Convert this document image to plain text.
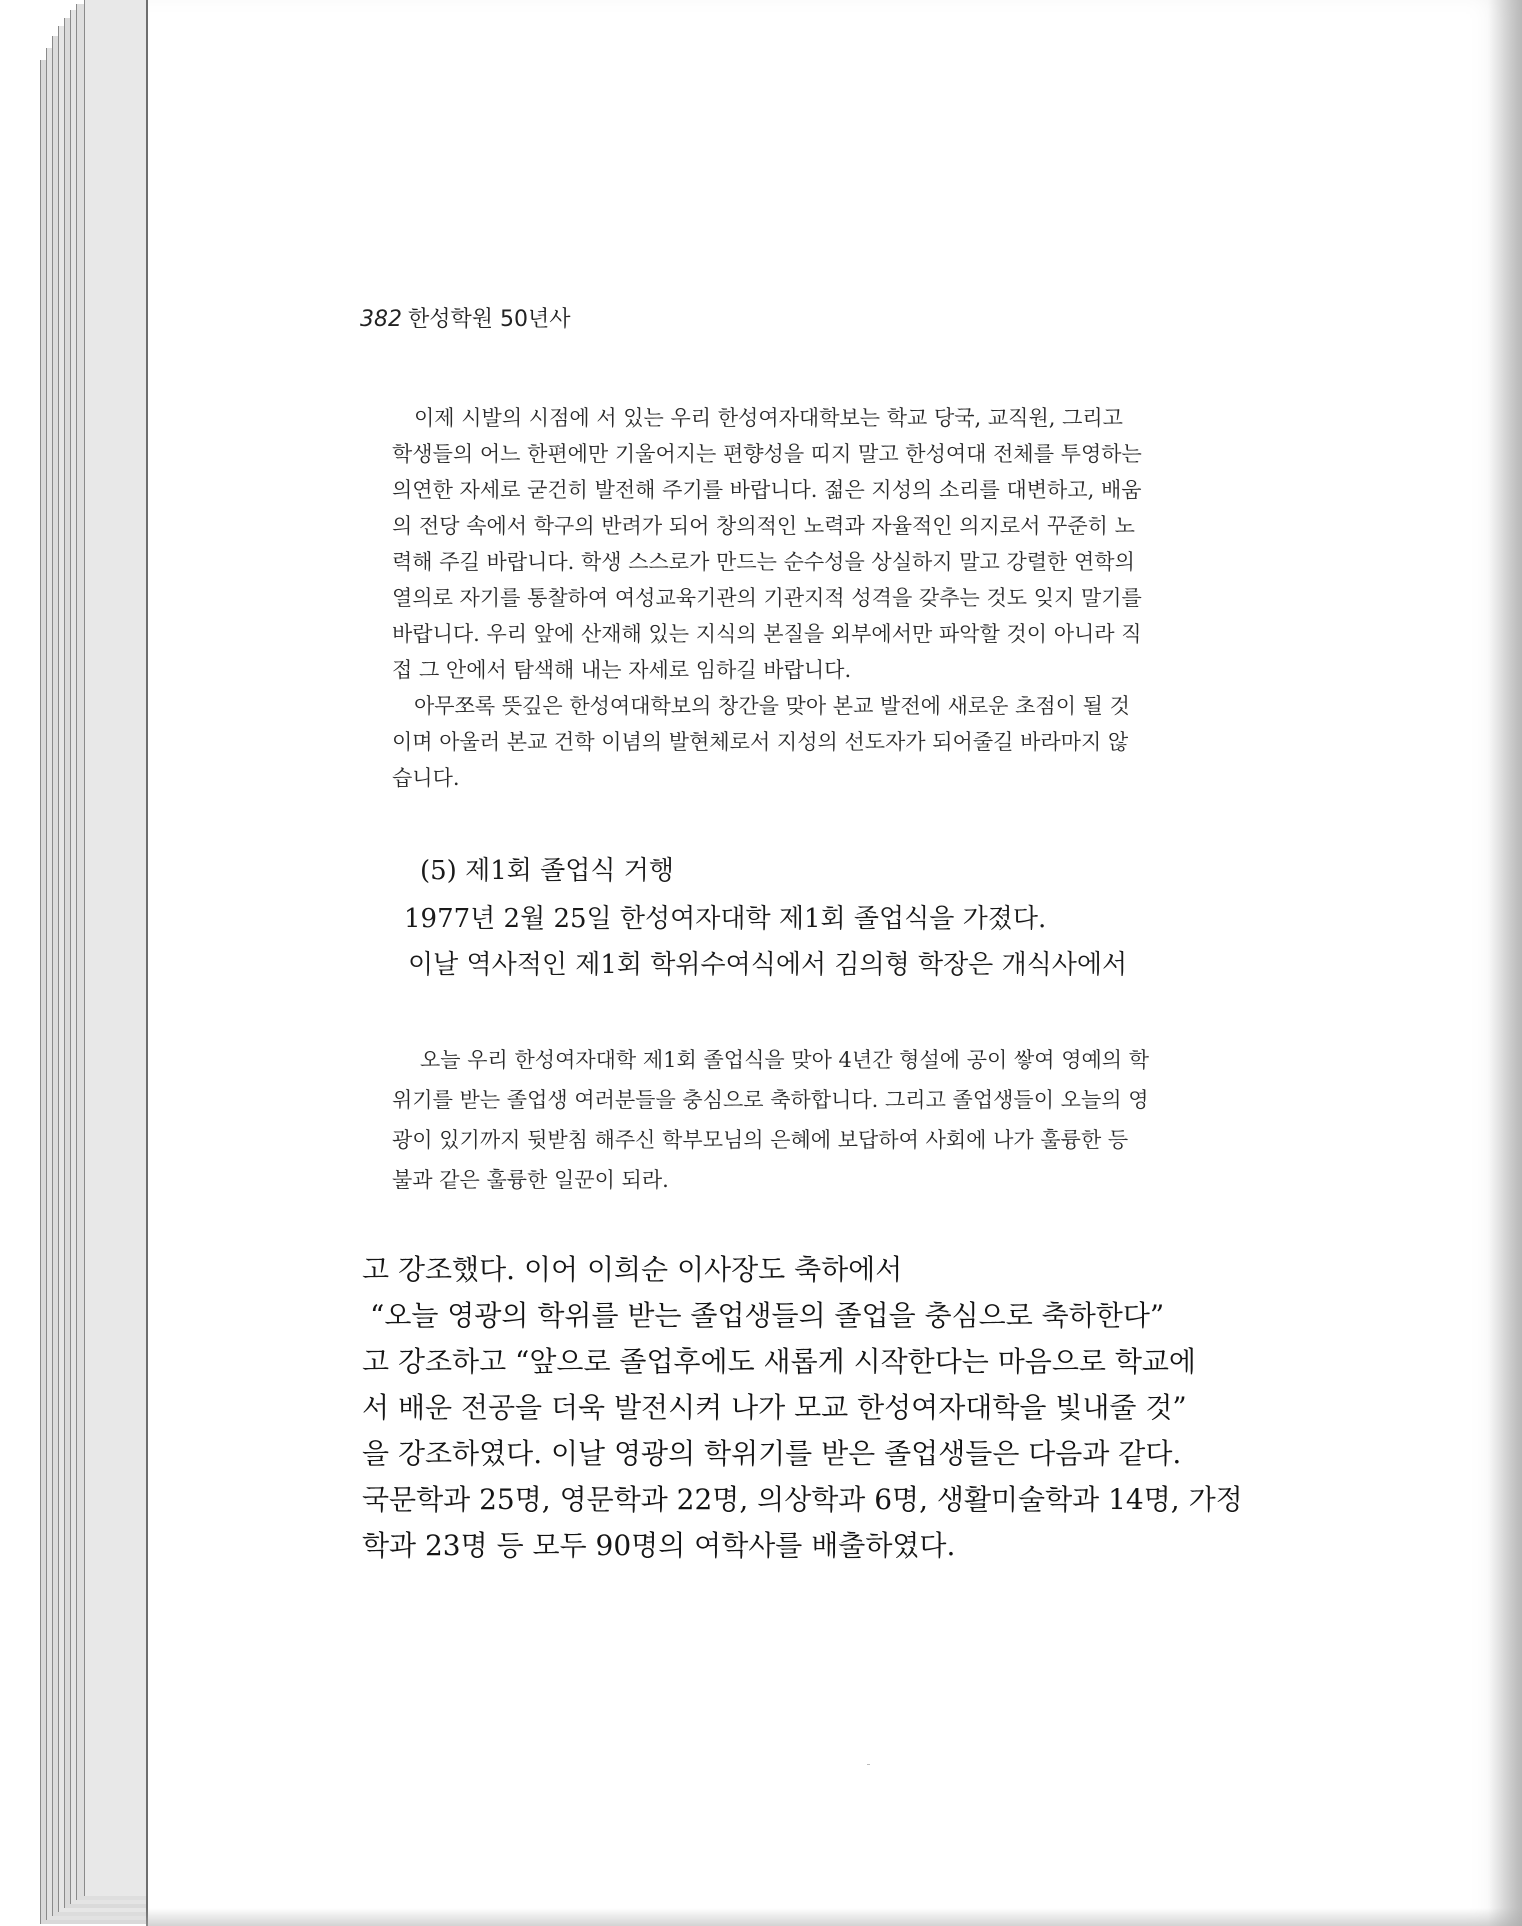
382 한성학원 50년사
이제 시발의 시점에 서 있는 우리 한성여자대학보는 학교 당국, 교직원, 그리고
학생들의 어느 한편에만 기울어지는 편향성을 띠지 말고 한성여대 전체를 투영하는
의연한 자세로 굳건히 발전해 주기를 바랍니다. 젊은 지성의 소리를 대변하고, 배움
의 전당 속에서 학구의 반려가 되어 창의적인 노력과 자율적인 의지로서 꾸준히 노
력해 주길 바랍니다. 학생 스스로가 만드는 순수성을 상실하지 말고 강렬한 연학의
열의로 자기를 통찰하여 여성교육기관의 기관지적 성격을 갖추는 것도 잊지 말기를
바랍니다. 우리 앞에 산재해 있는 지식의 본질을 외부에서만 파악할 것이 아니라 직
접 그 안에서 탐색해 내는 자세로 임하길 바랍니다.
아무쪼록 뜻깊은 한성여대학보의 창간을 맞아 본교 발전에 새로운 초점이 될 것
이며 아울러 본교 건학 이념의 발현체로서 지성의 선도자가 되어줄길 바라마지 않
습니다.
(5) 제1회 졸업식 거행
1977년 2월 25일 한성여자대학 제1회 졸업식을 가졌다.
이날 역사적인 제1회 학위수여식에서 김의형 학장은 개식사에서
오늘 우리 한성여자대학 제1회 졸업식을 맞아 4년간 형설에 공이 쌓여 영예의 학
위기를 받는 졸업생 여러분들을 충심으로 축하합니다. 그리고 졸업생들이 오늘의 영
광이 있기까지 뒷받침 해주신 학부모님의 은혜에 보답하여 사회에 나가 훌륭한 등
불과 같은 훌륭한 일꾼이 되라.
고 강조했다. 이어 이희순 이사장도 축하에서
“오늘 영광의 학위를 받는 졸업생들의 졸업을 충심으로 축하한다”
고 강조하고 “앞으로 졸업후에도 새롭게 시작한다는 마음으로 학교에
서 배운 전공을 더욱 발전시켜 나가 모교 한성여자대학을 빛내줄 것”
을 강조하였다. 이날 영광의 학위기를 받은 졸업생들은 다음과 같다.
국문학과 25명, 영문학과 22명, 의상학과 6명, 생활미술학과 14명, 가정
학과 23명 등 모두 90명의 여학사를 배출하였다.
